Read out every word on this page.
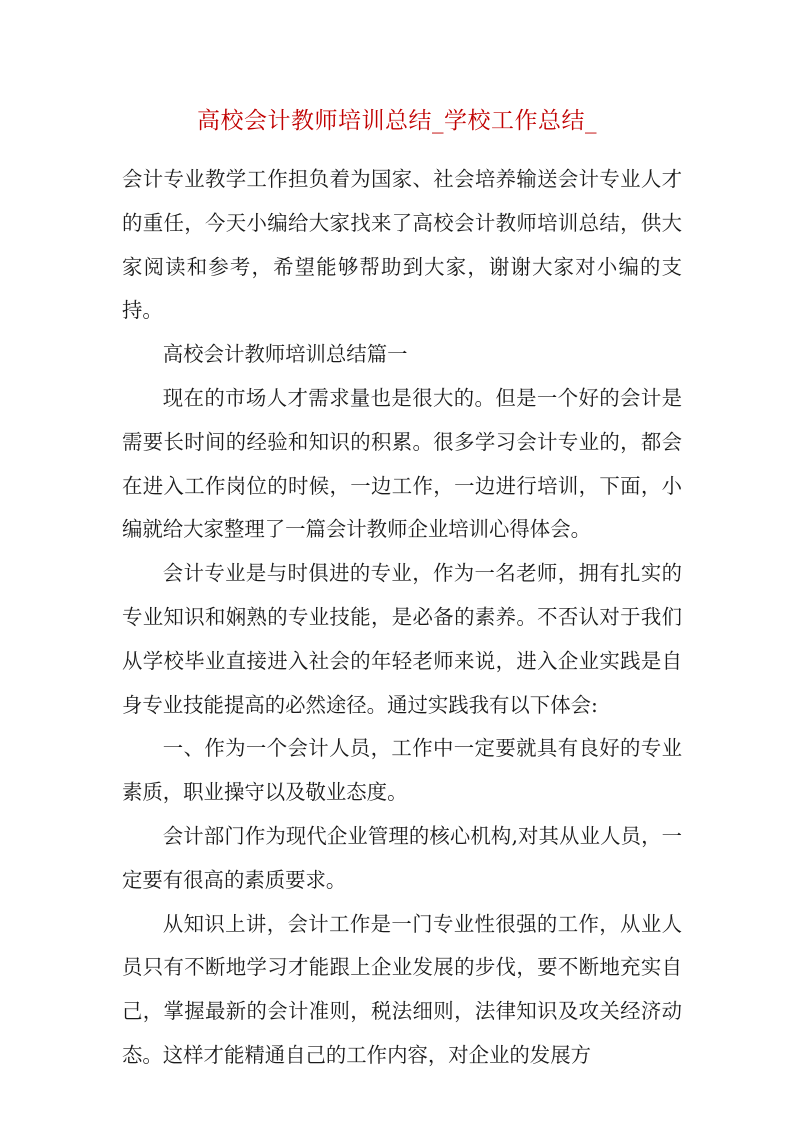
高校会计教师培训总结_学校工作总结_

会计专业教学工作担负着为国家、社会培养输送会计专业人才的重任，今天小编给大家找来了高校会计教师培训总结，供大家阅读和参考，希望能够帮助到大家，谢谢大家对小编的支持。

高校会计教师培训总结篇一

现在的市场人才需求量也是很大的。但是一个好的会计是需要长时间的经验和知识的积累。很多学习会计专业的，都会在进入工作岗位的时候，一边工作，一边进行培训，下面，小编就给大家整理了一篇会计教师企业培训心得体会。

会计专业是与时俱进的专业，作为一名老师，拥有扎实的专业知识和娴熟的专业技能，是必备的素养。不否认对于我们从学校毕业直接进入社会的年轻老师来说，进入企业实践是自身专业技能提高的必然途径。通过实践我有以下体会:

一、作为一个会计人员，工作中一定要就具有良好的专业素质，职业操守以及敬业态度。

会计部门作为现代企业管理的核心机构,对其从业人员，一定要有很高的素质要求。

从知识上讲，会计工作是一门专业性很强的工作，从业人员只有不断地学习才能跟上企业发展的步伐，要不断地充实自己，掌握最新的会计准则，税法细则，法律知识及攻关经济动态。这样才能精通自己的工作内容，对企业的发展方
